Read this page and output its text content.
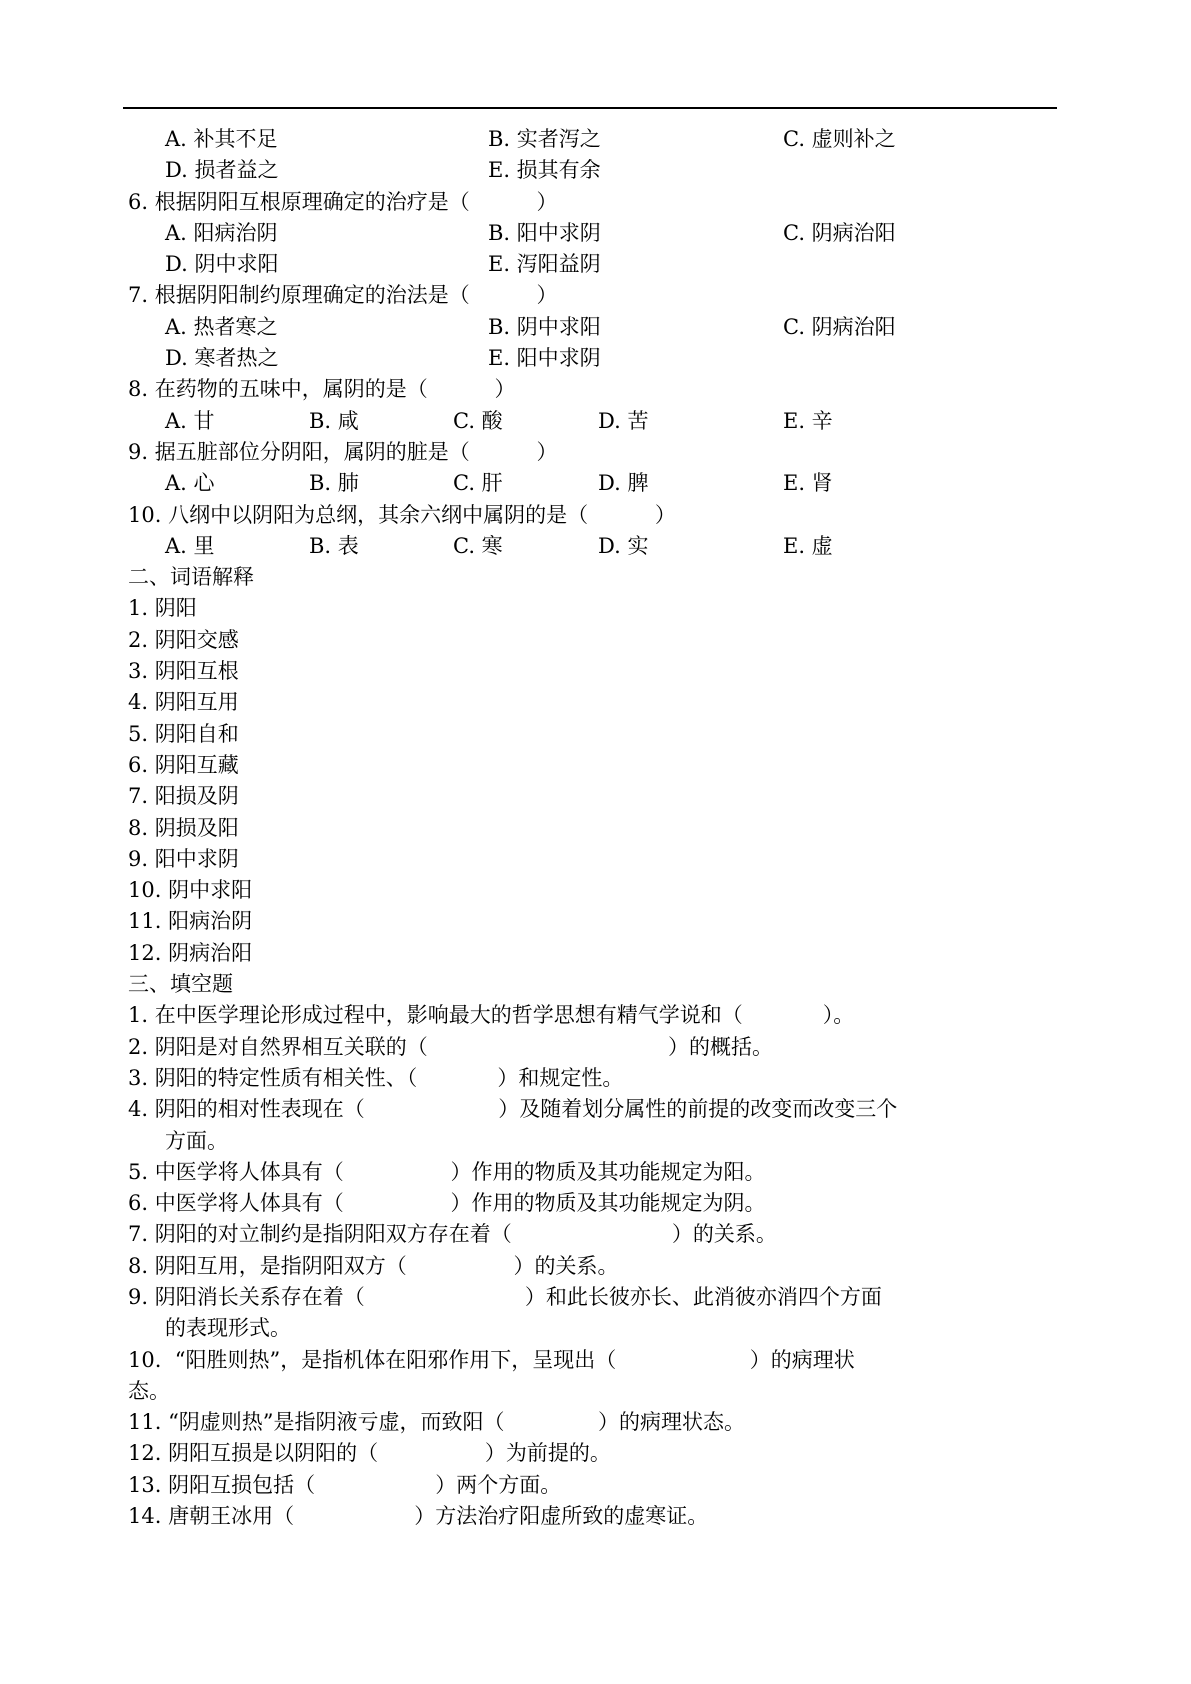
A. 补其不足

	B. 实者泻之

	C. 虚则补之

D. 损者益之

	E. 损其有余

6. 根据阴阳互根原理确定的治疗是（          ）

A. 阳病治阴

	B. 阳中求阴

	C. 阴病治阳

D. 阴中求阳

	E. 泻阳益阴

7. 根据阴阳制约原理确定的治法是（          ）

A. 热者寒之

	B. 阴中求阳

	C. 阴病治阳

D. 寒者热之

	E. 阳中求阴

8. 在药物的五味中，属阴的是（          ）

A. 甘

	B. 咸

	C. 酸

	D. 苦

	E. 辛

9. 据五脏部位分阴阳，属阴的脏是（          ）

A. 心

	B. 肺

	C. 肝

	D. 脾

	E. 肾

10. 八纲中以阴阳为总纲，其余六纲中属阴的是（          ）

A. 里

	B. 表

	C. 寒

	D. 实

	E. 虚

二、词语解释
1. 阴阳
2. 阴阳交感
3. 阴阳互根
4. 阴阳互用
5. 阴阳自和
6. 阴阳互藏
7. 阳损及阴
8. 阴损及阳
9. 阳中求阴
10. 阴中求阳
11. 阳病治阴
12. 阴病治阳
三、填空题
1. 在中医学理论形成过程中，影响最大的哲学思想有精气学说和（            ）。
2. 阴阳是对自然界相互关联的（                                    ）的概括。
3. 阴阳的特定性质有相关性、（            ）和规定性。
4. 阴阳的相对性表现在（                    ）及随着划分属性的前提的改变而改变三个
方面。
5. 中医学将人体具有（                ）作用的物质及其功能规定为阳。
6. 中医学将人体具有（                ）作用的物质及其功能规定为阴。
7. 阴阳的对立制约是指阴阳双方存在着（                        ）的关系。
8. 阴阳互用，是指阴阳双方（                ）的关系。
9. 阴阳消长关系存在着（                        ）和此长彼亦长、此消彼亦消四个方面
的表现形式。
10.  “阳胜则热”，是指机体在阳邪作用下，呈现出（                    ）的病理状
态。
11. “阴虚则热”是指阴液亏虚，而致阳（              ）的病理状态。
12. 阴阳互损是以阴阳的（                ）为前提的。
13. 阴阳互损包括（                  ）两个方面。
14. 唐朝王冰用（                  ）方法治疗阳虚所致的虚寒证。
